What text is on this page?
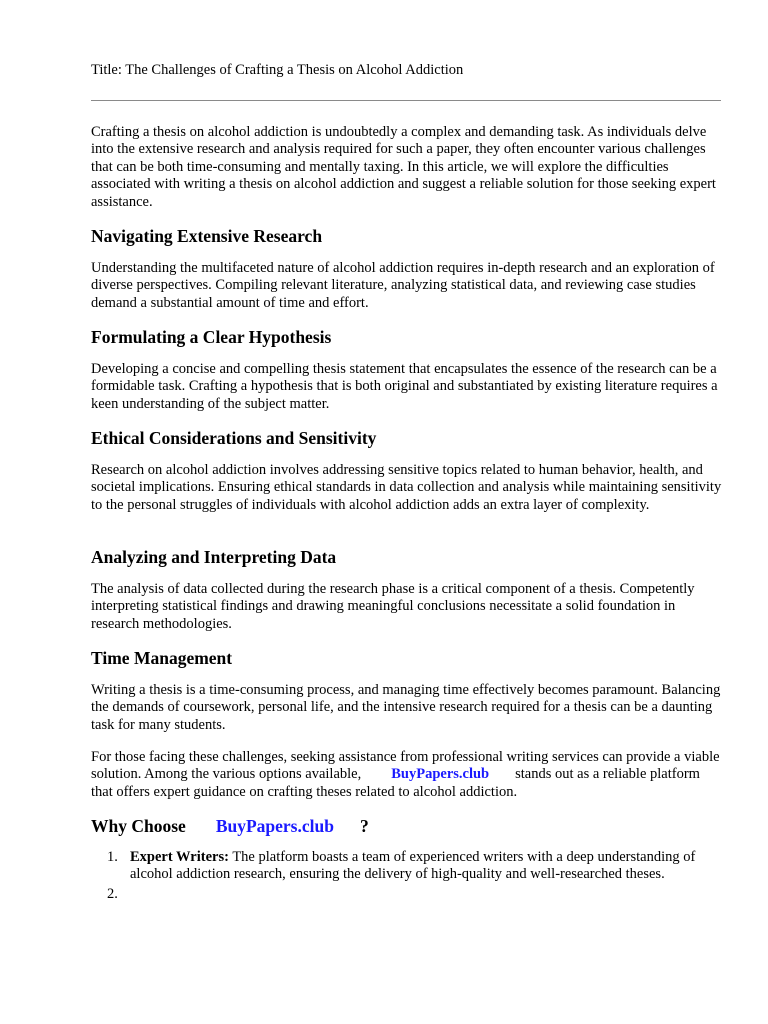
Title: The Challenges of Crafting a Thesis on Alcohol Addiction

Crafting a thesis on alcohol addiction is undoubtedly a complex and demanding task. As individuals delve into the extensive research and analysis required for such a paper, they often encounter various challenges that can be both time-consuming and mentally taxing. In this article, we will explore the difficulties associated with writing a thesis on alcohol addiction and suggest a reliable solution for those seeking expert assistance.

Navigating Extensive Research

Understanding the multifaceted nature of alcohol addiction requires in-depth research and an exploration of diverse perspectives. Compiling relevant literature, analyzing statistical data, and reviewing case studies demand a substantial amount of time and effort.

Formulating a Clear Hypothesis

Developing a concise and compelling thesis statement that encapsulates the essence of the research can be a formidable task. Crafting a hypothesis that is both original and substantiated by existing literature requires a keen understanding of the subject matter.

Ethical Considerations and Sensitivity

Research on alcohol addiction involves addressing sensitive topics related to human behavior, health, and societal implications. Ensuring ethical standards in data collection and analysis while maintaining sensitivity to the personal struggles of individuals with alcohol addiction adds an extra layer of complexity.

Analyzing and Interpreting Data

The analysis of data collected during the research phase is a critical component of a thesis. Competently interpreting statistical findings and drawing meaningful conclusions necessitate a solid foundation in research methodologies.

Time Management

Writing a thesis is a time-consuming process, and managing time effectively becomes paramount. Balancing the demands of coursework, personal life, and the intensive research required for a thesis can be a daunting task for many students.

For those facing these challenges, seeking assistance from professional writing services can provide a viable solution. Among the various options available, BuyPapers.club stands out as a reliable platform that offers expert guidance on crafting theses related to alcohol addiction.

Why Choose BuyPapers.club ?
1. Expert Writers: The platform boasts a team of experienced writers with a deep understanding of alcohol addiction research, ensuring the delivery of high-quality and well-researched theses.
2.
